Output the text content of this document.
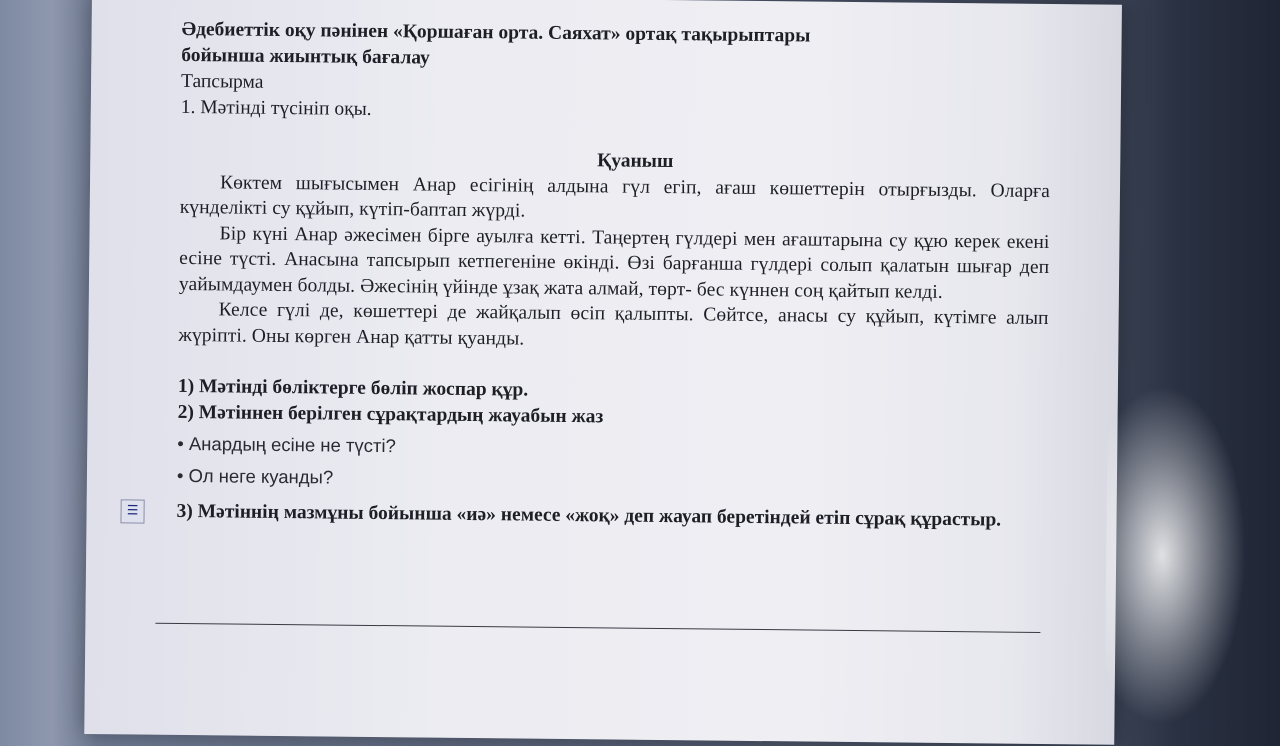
Әдебиеттік оқу пәнінен «Қоршаған орта. Саяхат» ортақ тақырыптары

бойынша жиынтық бағалау

Тапсырма

1. Мәтінді түсініп оқы.

Қуаныш

Көктем шығысымен Анар есігінің алдына гүл егіп, ағаш көшеттерін отырғызды. Оларға күнделікті су құйып, күтіп-баптап жүрді.

Бір күні Анар әжесімен бірге ауылға кетті. Таңертең гүлдері мен ағаштарына су құю керек екені есіне түсті. Анасына тапсырып кетпегеніне өкінді. Өзі барғанша гүлдері солып қалатын шығар деп уайымдаумен болды. Әжесінің үйінде ұзақ жата алмай, төрт- бес күннен соң қайтып келді.

Келсе гүлі де, көшеттері де жайқалып өсіп қалыпты. Сөйтсе, анасы су құйып, күтімге алып жүріпті. Оны көрген Анар қатты қуанды.

1) Мәтінді бөліктерге бөліп жоспар құр.

2) Мәтіннен берілген сұрақтардың жауабын жаз

• Анардың есіне не түсті?

• Ол неге куанды?

☰	3) Мәтіннің мазмұны бойынша «иә» немесе «жоқ» деп жауап беретіндей етіп сұрақ құрастыр.
